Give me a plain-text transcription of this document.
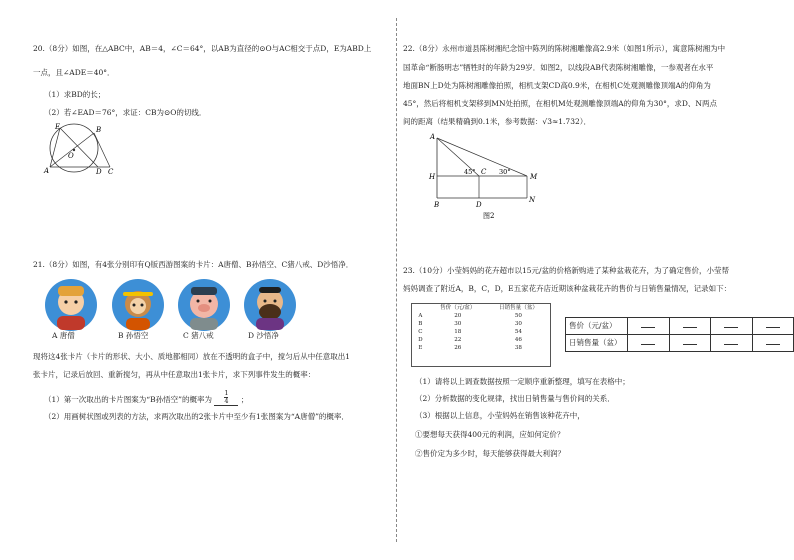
20.（8分）如图，在△ABC中，AB＝4，∠C＝64°，以AB为直径的⊙O与AC相交于点D，E为ABD上
一点，且∠ADE＝40°．
（1）求BD的长；
（2）若∠EAD＝76°，求证：CB为⊙O的切线．
E	B
O
A	D C
21.（8分）如图，有4张分别印有Q版西游图案的卡片：A唐僧、B孙悟空、C猪八戒、D沙悟净．
A 唐僧	B 孙悟空	C 猪八戒	D 沙悟净
现将这4张卡片（卡片的形状、大小、质地都相同）放在不透明的盒子中，搅匀后从中任意取出1
张卡片，记录后放回、重新搅匀，再从中任意取出1张卡片，求下列事件发生的概率：
（1）第一次取出的卡片图案为“B孙悟空”的概率为 $\frac{1}{4}$ ；
（2）用画树状图或列表的方法，求两次取出的2张卡片中至少有1张图案为“A唐僧”的概率．
22.（8分）永州市道县陈树湘纪念馆中陈列的陈树湘雕像高2.9米（如图1所示），寓意陈树湘为中
国革命“断肠明志”牺牲时的年龄为29岁．如图2，以线段AB代表陈树湘雕像，一参观者在水平
地面BN上D处为陈树湘雕像拍照，相机支架CD高0.9米，在相机C处观测雕像顶端A的仰角为
45°，然后将相机支架移到MN处拍照，在相机M处观测雕像顶端A的仰角为30°，求D、N两点
间的距离（结果精确到0.1米，参考数据：√3≈1.732）．
A
H
45° C 30°
M
B	D
N
图2
23.（10分）小莹妈妈的花卉超市以15元/盆的价格新购进了某种盆栽花卉，为了确定售价，小莹帮
妈妈调查了附近A，B，C，D，E五家花卉店近期该种盆栽花卉的售价与日销售量情况，记录如下：
	售价（元/盆）	日销售量（盆）
A	20	50
B	30	30
C	18	54
D	22	46
E	26	38
售价（元/盆）				
日销售量（盆）				
（1）请将以上调查数据按照一定顺序重新整理，填写在表格中；
（2）分析数据的变化规律，找出日销售量与售价间的关系．
（3）根据以上信息，小莹妈妈在销售该种花卉中，
①要想每天获得400元的利润，应如何定价？
②售价定为多少时，每天能够获得最大利润？
